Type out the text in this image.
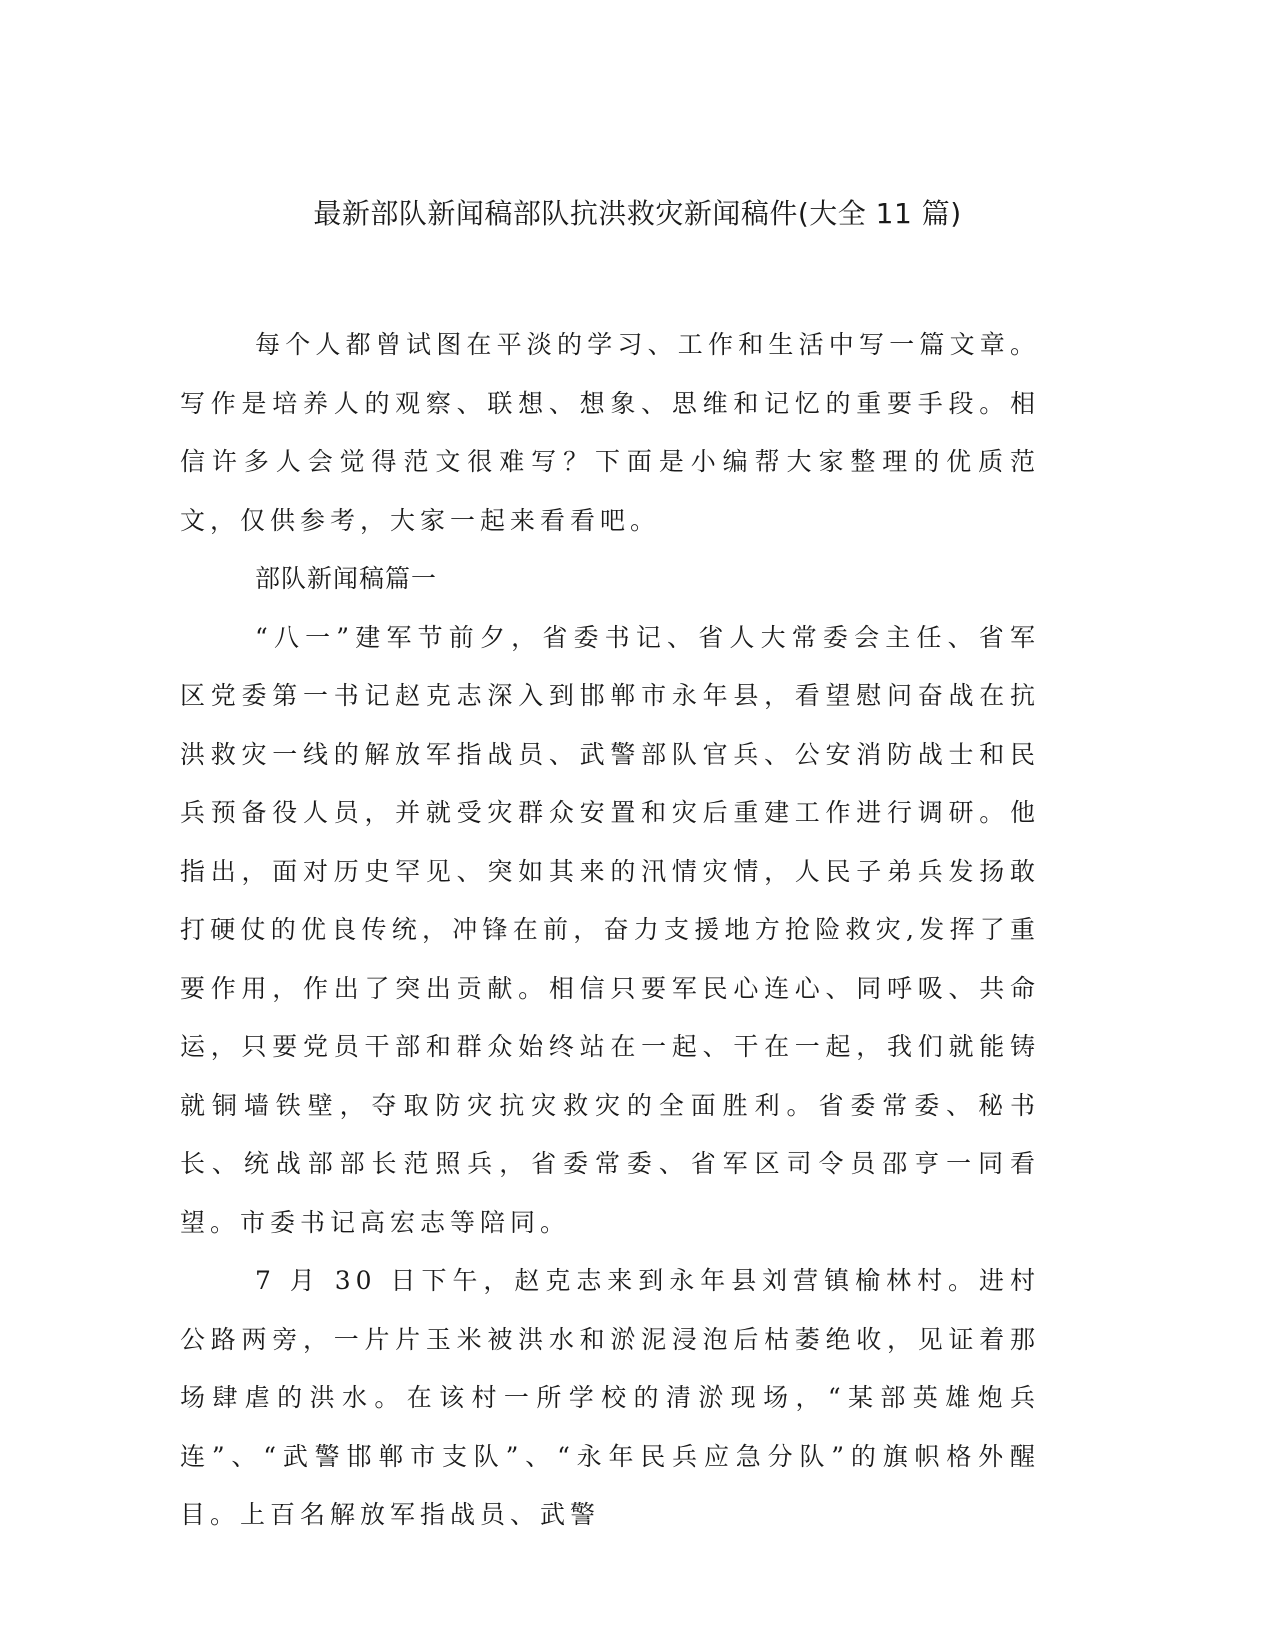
最新部队新闻稿部队抗洪救灾新闻稿件(大全 11 篇)

每个人都曾试图在平淡的学习、工作和生活中写一篇文章。写作是培养人的观察、联想、想象、思维和记忆的重要手段。相信许多人会觉得范文很难写？下面是小编帮大家整理的优质范文，仅供参考，大家一起来看看吧。

部队新闻稿篇一

“八一”建军节前夕，省委书记、省人大常委会主任、省军区党委第一书记赵克志深入到邯郸市永年县，看望慰问奋战在抗洪救灾一线的解放军指战员、武警部队官兵、公安消防战士和民兵预备役人员，并就受灾群众安置和灾后重建工作进行调研。他指出，面对历史罕见、突如其来的汛情灾情，人民子弟兵发扬敢打硬仗的优良传统，冲锋在前，奋力支援地方抢险救灾,发挥了重要作用，作出了突出贡献。相信只要军民心连心、同呼吸、共命运，只要党员干部和群众始终站在一起、干在一起，我们就能铸就铜墙铁壁，夺取防灾抗灾救灾的全面胜利。省委常委、秘书长、统战部部长范照兵，省委常委、省军区司令员邵亨一同看望。市委书记高宏志等陪同。

7 月 30 日下午，赵克志来到永年县刘营镇榆林村。进村公路两旁，一片片玉米被洪水和淤泥浸泡后枯萎绝收，见证着那场肆虐的洪水。在该村一所学校的清淤现场，“某部英雄炮兵连”、“武警邯郸市支队”、“永年民兵应急分队”的旗帜格外醒目。上百名解放军指战员、武警
